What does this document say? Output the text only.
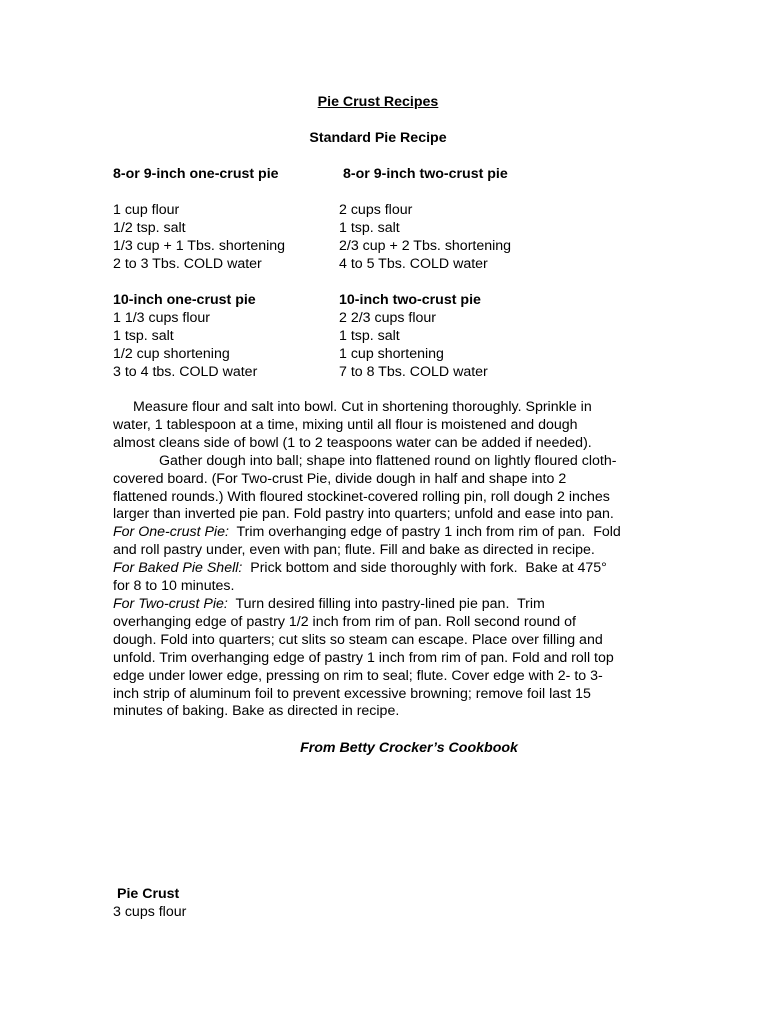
Pie Crust Recipes
Standard Pie Recipe
8-or 9-inch one-crust pie
1 cup flour
1/2 tsp. salt
1/3 cup + 1 Tbs. shortening
2 to 3 Tbs. COLD water
8-or 9-inch two-crust pie
2 cups flour
1 tsp. salt
2/3 cup + 2 Tbs. shortening
4 to 5 Tbs. COLD water
10-inch one-crust pie
1 1/3 cups flour
1 tsp. salt
1/2 cup shortening
3 to 4 tbs. COLD water
10-inch two-crust pie
2 2/3 cups flour
1 tsp. salt
1 cup shortening
7 to 8 Tbs. COLD water
Measure flour and salt into bowl. Cut in shortening thoroughly. Sprinkle in
water, 1 tablespoon at a time, mixing until all flour is moistened and dough
almost cleans side of bowl (1 to 2 teaspoons water can be added if needed).
Gather dough into ball; shape into flattened round on lightly floured cloth-
covered board. (For Two-crust Pie, divide dough in half and shape into 2
flattened rounds.) With floured stockinet-covered rolling pin, roll dough 2 inches
larger than inverted pie pan. Fold pastry into quarters; unfold and ease into pan.
For One-crust Pie:  Trim overhanging edge of pastry 1 inch from rim of pan.  Fold
and roll pastry under, even with pan; flute. Fill and bake as directed in recipe.
For Baked Pie Shell:  Prick bottom and side thoroughly with fork.  Bake at 475°
for 8 to 10 minutes.
For Two-crust Pie:  Turn desired filling into pastry-lined pie pan.  Trim
overhanging edge of pastry 1/2 inch from rim of pan. Roll second round of
dough. Fold into quarters; cut slits so steam can escape. Place over filling and
unfold. Trim overhanging edge of pastry 1 inch from rim of pan. Fold and roll top
edge under lower edge, pressing on rim to seal; flute. Cover edge with 2- to 3-
inch strip of aluminum foil to prevent excessive browning; remove foil last 15
minutes of baking. Bake as directed in recipe.
From Betty Crocker’s Cookbook
Pie Crust
3 cups flour
